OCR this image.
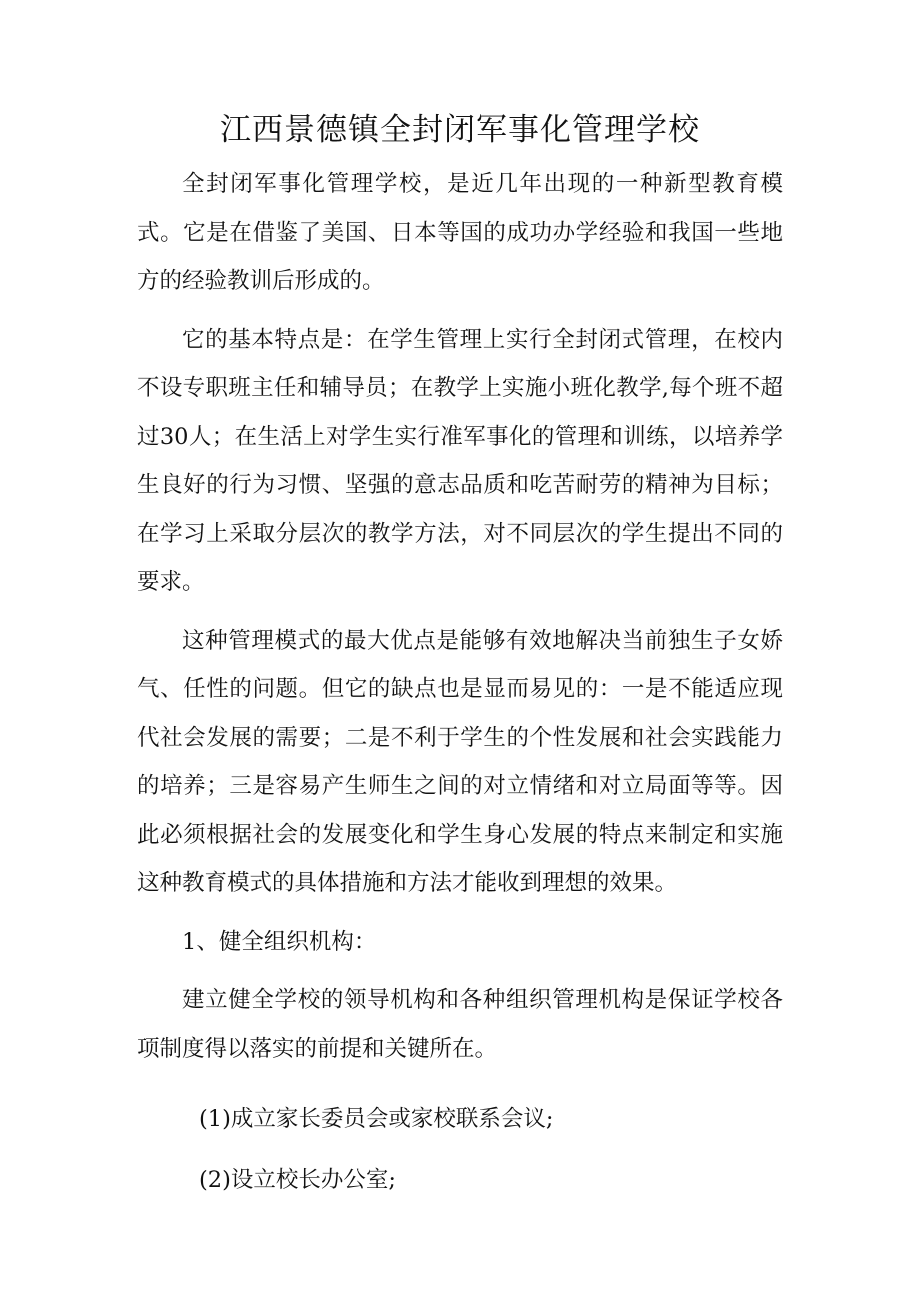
江西景德镇全封闭军事化管理学校

全封闭军事化管理学校，是近几年出现的一种新型教育模式。它是在借鉴了美国、日本等国的成功办学经验和我国一些地方的经验教训后形成的。

它的基本特点是：在学生管理上实行全封闭式管理，在校内不设专职班主任和辅导员；在教学上实施小班化教学,每个班不超过30人；在生活上对学生实行准军事化的管理和训练，以培养学生良好的行为习惯、坚强的意志品质和吃苦耐劳的精神为目标；在学习上采取分层次的教学方法，对不同层次的学生提出不同的要求。

这种管理模式的最大优点是能够有效地解决当前独生子女娇气、任性的问题。但它的缺点也是显而易见的：一是不能适应现代社会发展的需要；二是不利于学生的个性发展和社会实践能力的培养；三是容易产生师生之间的对立情绪和对立局面等等。因此必须根据社会的发展变化和学生身心发展的特点来制定和实施这种教育模式的具体措施和方法才能收到理想的效果。

1、健全组织机构：

建立健全学校的领导机构和各种组织管理机构是保证学校各项制度得以落实的前提和关键所在。

(1)成立家长委员会或家校联系会议;

(2)设立校长办公室;
